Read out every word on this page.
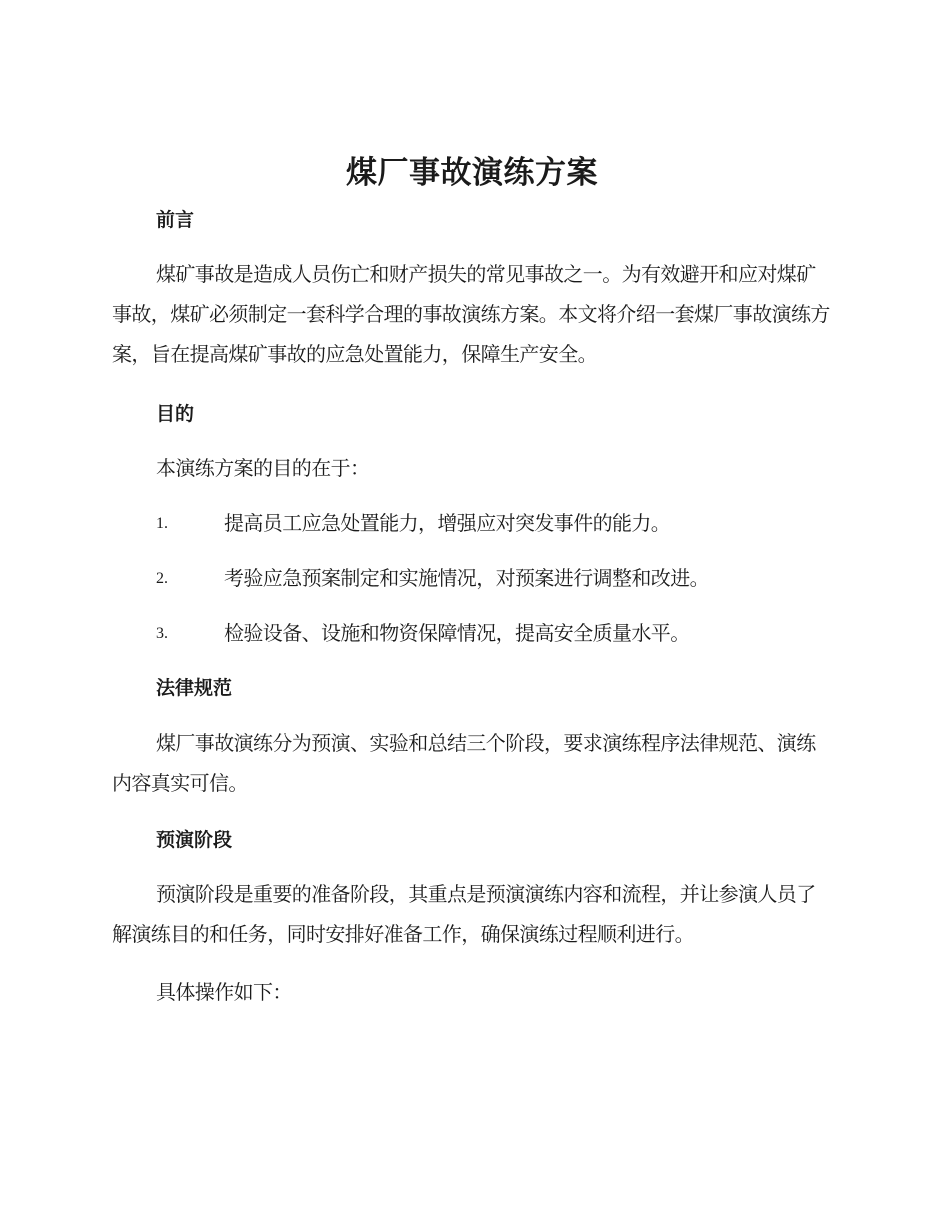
煤厂事故演练方案
前言

煤矿事故是造成人员伤亡和财产损失的常见事故之一。为有效避开和应对煤矿事故，煤矿必须制定一套科学合理的事故演练方案。本文将介绍一套煤厂事故演练方案，旨在提高煤矿事故的应急处置能力，保障生产安全。

目的

本演练方案的目的在于：

1.	提高员工应急处置能力，增强应对突发事件的能力。
2.	考验应急预案制定和实施情况，对预案进行调整和改进。
3.	检验设备、设施和物资保障情况，提高安全质量水平。
法律规范

煤厂事故演练分为预演、实验和总结三个阶段，要求演练程序法律规范、演练内容真实可信。

预演阶段

预演阶段是重要的准备阶段，其重点是预演演练内容和流程，并让参演人员了解演练目的和任务，同时安排好准备工作，确保演练过程顺利进行。

具体操作如下：
